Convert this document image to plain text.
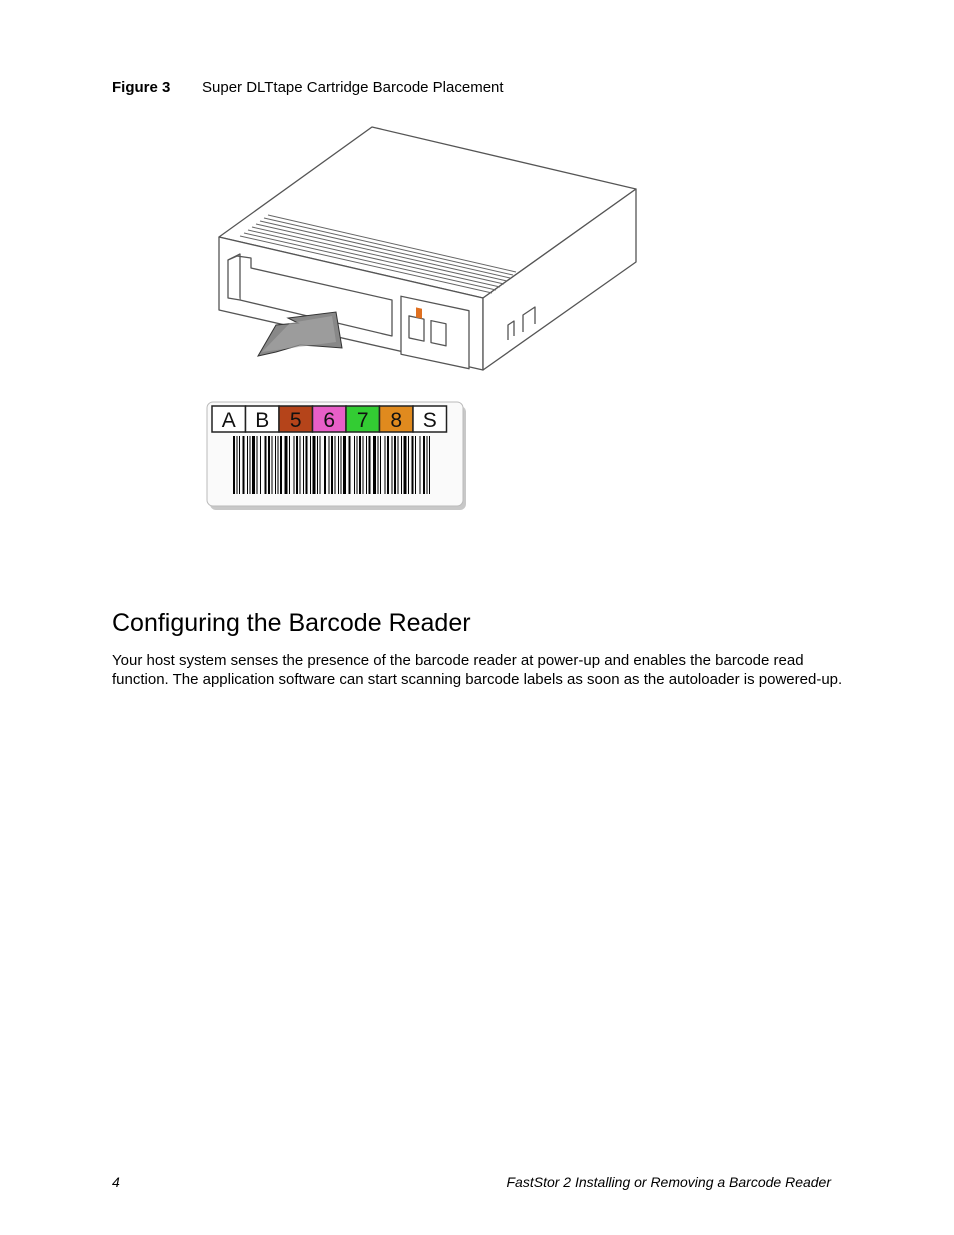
Figure 3 Super DLTtape Cartridge Barcode Placement
A B 5 6 7 8 S
Configuring the Barcode Reader

Your host system senses the presence of the barcode reader at power-up and enables the barcode read function. The application software can start scanning barcode labels as soon as the autoloader is powered-up.

4	FastStor 2 Installing or Removing a Barcode Reader
